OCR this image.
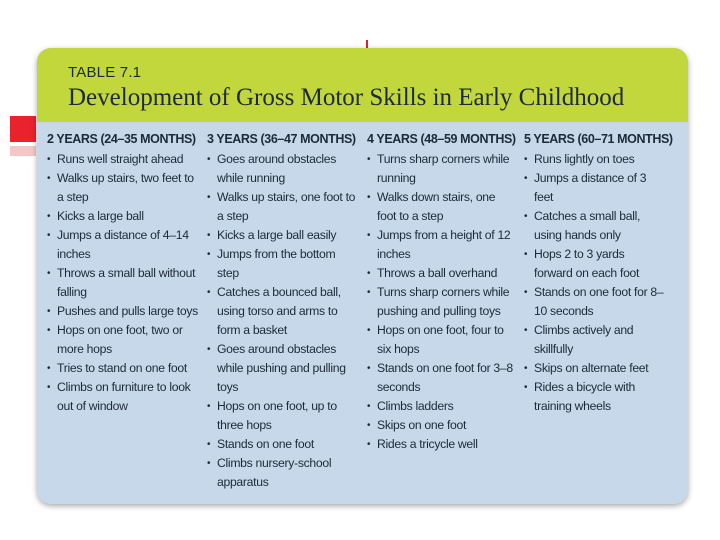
TABLE 7.1
Development of Gross Motor Skills in Early Childhood
2 YEARS (24–35 MONTHS)
• Runs well straight ahead
• Walks up stairs, two feet to a step
• Kicks a large ball
• Jumps a distance of 4–14 inches
• Throws a small ball without falling
• Pushes and pulls large toys
• Hops on one foot, two or more hops
• Tries to stand on one foot
• Climbs on furniture to look out of window
3 YEARS (36–47 MONTHS)
• Goes around obstacles while running
• Walks up stairs, one foot to a step
• Kicks a large ball easily
• Jumps from the bottom step
• Catches a bounced ball, using torso and arms to form a basket
• Goes around obstacles while pushing and pulling toys
• Hops on one foot, up to three hops
• Stands on one foot
• Climbs nursery-school apparatus
4 YEARS (48–59 MONTHS)
• Turns sharp corners while running
• Walks down stairs, one foot to a step
• Jumps from a height of 12 inches
• Throws a ball overhand
• Turns sharp corners while pushing and pulling toys
• Hops on one foot, four to six hops
• Stands on one foot for 3–8 seconds
• Climbs ladders
• Skips on one foot
• Rides a tricycle well
5 YEARS (60–71 MONTHS)
• Runs lightly on toes
• Jumps a distance of 3 feet
• Catches a small ball, using hands only
• Hops 2 to 3 yards forward on each foot
• Stands on one foot for 8–10 seconds
• Climbs actively and skillfully
• Skips on alternate feet
• Rides a bicycle with training wheels
